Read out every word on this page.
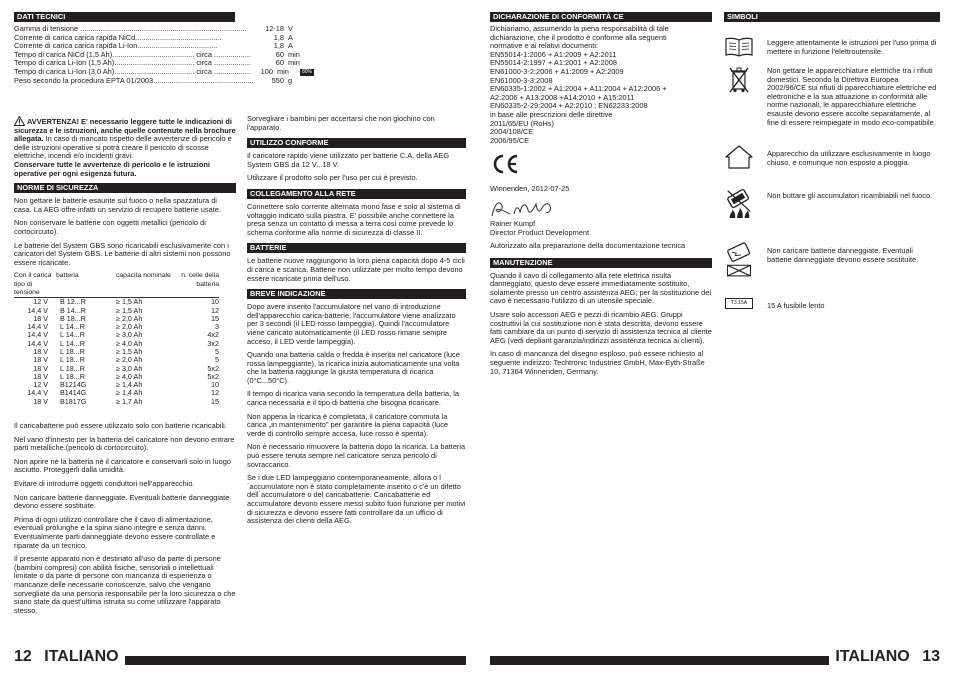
DATI TECNICI
Gamma di tensione .................................................................................	12-18 V
Corrente di carica carica rapida NiCd..........................................	1,8 A
Corrente di carica carica rapida Li-Ion.......................................	1,8 A
Tempo di carica NiCd (1,5 Ah)........................................ circa ..................	60 min
Tempo di carica Li-Ion (1,5 Ah)....................................... circa ..................	60 min
Tempo di carica Li-Ion (3,0 Ah)....................................... circa ..................	100 min	80%
Peso secondo la procedura EPTA 01/2003.................................................	550 g

AVVERTENZA! E' necessario leggere tutte le indicazioni di sicurezza e le istruzioni, anche quelle contenute nella brochure allegata. In caso di mancato rispetto delle avvertenze di pericolo e delle istruzioni operative si potrà creare il pericolo di scosse elettriche, incendi e/o incidenti gravi.
Conservare tutte le avvertenze di pericolo e le istruzioni operative per ogni esigenza futura.

NORME DI SICUREZZA

Non gettare le batterie esaurite sul fuoco o nella spazzatura di casa. La AEG offre infatti un servizio di recupero batterie usate.

Non conservare le batterie con oggetti metallici (pericolo di cortocircuito).

Le batterie del System GBS sono ricaricabili esclusivamente con i caricatori del System GBS. Le batterie di altri sistemi non possono essere ricaricate.

Con il carica tipo di tensione	batteria	capacita nominale	n. celle della batteria
12 V	B 12...R	≥ 1,5 Ah	10
14,4 V	B 14...R	≥ 1,5 Ah	12
18 V	B 18...R	≥ 2,0 Ah	15
14,4 V	L 14...R	≥ 2,0 Ah	3
14,4 V	L 14...R	≥ 3,0 Ah	4x2
14,4 V	L 14...R	≥ 4,0 Ah	3x2
18 V	L 18...R	≥ 1,5 Ah	5
18 V	L 18...R	≥ 2,0 Ah	5
18 V	L 18...R	≥ 3,0 Ah	5x2
18 V	L 18...R	≥ 4,0 Ah	5x2
12 V	B1214G	≥ 1,4 Ah	10
14,4 V	B1414G	≥ 1,4 Ah	12
18 V	B1817G	≥ 1,7 Ah	15

Il caricabatterie può essere utilizzato solo con batterie ricaricabili.

Nel vano d'innesto per la batteria del caricatore non devono entrare parti metalliche.(pericolo di cortocircuito).

Non aprire nè la batteria nè il caricatore e conservarli solo in luogo asciutto. Proteggerli dalla umidità.

Evitare di introdurre oggetti conduttori nell'apparecchio.

Non caricare batterie danneggiate. Eventuali batterie danneggiate devono essere sostituite.

Prima di ogni utilizzo controllare che il cavo di alimentazione, eventuali prolunghe e la spina siano integre e senza danni. Eventualmente parti danneggiate devono essere controllate e riparate da un tecnico.

Il presente apparato non è destinato all'uso da parte di persone (bambini compresi) con abilità fisiche, sensoriali o intellettuali limitate o da parte di persone con mancanza di esperienza o mancanze delle necessarie conoscenze, salvo che vengano sorvegliate da una persona responsabile per la loro sicurezza o che siano state da quest'ultima istruita su come utilizzare l'apparato stesso.

Sorvegliare i bambini per accertarsi che non giochino con l'apparato.

UTILIZZO CONFORME

Il caricatore rapido viene utilizzato per batterie C.A. della AEG System GBS da 12 V...18 V.

Utilizzare il prodotto solo per l'uso per cui è previsto.

COLLEGAMENTO ALLA RETE

Connettere solo corrente alternata mono fase e solo al sistema di voltaggio indicato sulla piastra. E' possibile anche connettere la presa senza un contatto di messa a terra così come prevede lo schema conforme alla norme di sicurezza di classe II.

BATTERIE

Le batterie nuove raggiungono la loro piena capacità dopo 4-5 cicli di carica e scarica. Batterie non utilizzate per molto tempo devono essere ricaricate prima dell'uso.

BREVE INDICAZIONE

Dopo avere inserito l'accumulatore nel vano di introduzione dell'apparecchio carica-batterie, l'accumulatore viene analizzato per 3 secondi (il LED rosso lampeggia). Quindi l'accumulatore viene caricato automaticamente (il LED rosso rimane sempre acceso, il LED verde lampeggia).

Quando una batteria calda o fredda è inserita nel caricatore (luce rossa lampeggiante), la ricarica inizia automaticamente una volta che la batteria raggiunge la giusta temperatura di ricarica (0°C...50°C).

Il tempo di ricarica varia secondo la temperatura della batteria, la carica necessaria e il tipo di batteria che bisogna ricaricare.

Non appena la ricarica è completata, il caricatore commuta la carica „in mantenimento" per garantire la piena capacità (luce verde di controllo sempre accesa, luce rosso è spenta).

Non è necessario rimuovere la batteria dopo la ricarica. La batteria può essere tenuta sempre nel caricatore senza pericolo di sovraccarico.

Se i due LED lampeggiano contemporaneamente, allora o l´accumulatore non è stato completamente inserito o c'è un difetto dell´accumulatore o del caricabatterie. Caricabatterie ed accumulatore devono essere messi subito fuori funzione per motivi di sicurezza e devono essere fatti controllare da un ufficio di assistenza dei clienti della AEG.

DICHARAZIONE DI CONFORMITÀ CE
Dichiariamo, assumendo la piena responsabilità di tale
dichiarazione, che il prodotto è conforme alla seguenti
normative e ai relativi documenti:
EN55014-1:2006 + A1:2009 + A2:2011
EN55014-2:1997 + A1:2001 + A2:2008
EN61000-3-2:2006 + A1:2009 + A2:2009
EN61000-3-3:2008
EN60335-1:2002 + A1:2004 + A11:2004 + A12:2006 +
A2:2006 + A13:2008 +A14:2010 + A15:2011
EN60335-2-29:2004 + A2:2010 ; EN62233:2008
in base alle prescrizioni delle direttive
2011/65/EU (RoHs)
2004/108/CE
2006/95/CE
Winnenden, 2012-07-25
Rainer Kumpf
Director Product Development
Autorizzato alla preparazione della documentazione tecnica
MANUTENZIONE

Quando il cavo di collegamento alla rete elettrica risulta danneggiato, questo deve essere immediatamente sostituito, solamente presso un centro assistenza AEG; per la sostituzione del cavo è necessario l'utilizzo di un utensile speciale.

Usare solo accessori AEG e pezzi di ricambio AEG. Gruppi costruttivi la cui sostituzione non è stata descritta, devono essere fatti cambiare da un punto di servizio di assistenza tecnica al cliente AEG (vedi depliant garanzia/indirizzi assistenza tecnica ai clienti).

In caso di mancanza del disegno esploso, può essere richiesto al seguente indirizzo: Techtronic Industries GmbH, Max-Eyth-Straße 10, 71364 Winnenden, Germany.

SIMBOLI
Leggere attentamente le istruzioni per l'uso prima di mettere in funzione l'elettroutensile.
Non gettare le apparecchiature elettriche tra i rifiuti domestici. Secondo la Direttiva Europea 2002/96/CE sui rifiuti di pparecchiature elettriche ed elettroniche e la sua attuazione in conformità alle norme nazionali, le apparecchiature elettriche esauste devono essere accolte separatamente, al fine di essere reimpiegate in modo eco-compatibile.
Apparecchio da utilizzare esclusivamente in luogo chiuso, e comunque non esposto a pioggia.
Non buttare gli accumulatori ricambiabili nel fuoco.
Non caricare batterie danneggiate. Eventuali batterie danneggiate devono essere sostituite.
T3.15A	15 A fusibile lento
12 ITALIANO	ITALIANO 13
